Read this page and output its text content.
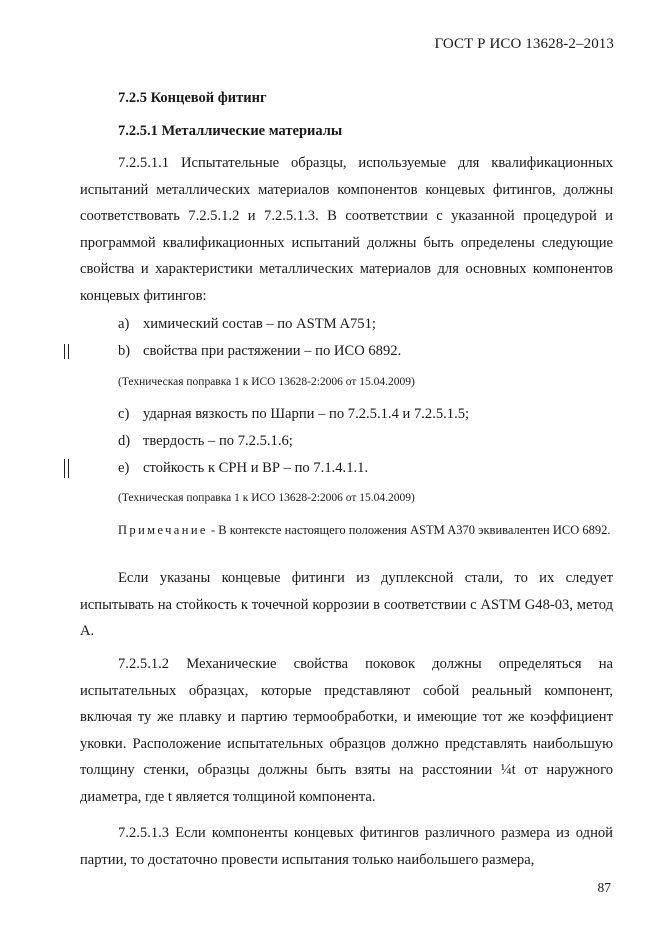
ГОСТ Р ИСО 13628-2–2013
7.2.5 Концевой фитинг
7.2.5.1 Металлические материалы
7.2.5.1.1 Испытательные образцы, используемые для квалификационных испытаний металлических материалов компонентов концевых фитингов, должны соответствовать 7.2.5.1.2 и 7.2.5.1.3. В соответствии с указанной процедурой и программой квалификационных испытаний должны быть определены следующие свойства и характеристики металлических материалов для основных компонентов концевых фитингов:
a) химический состав – по ASTM A751;
b) свойства при растяжении – по ИСО 6892.
(Техническая поправка 1 к ИСО 13628-2:2006 от 15.04.2009)
c) ударная вязкость по Шарпи – по 7.2.5.1.4 и 7.2.5.1.5;
d) твердость – по 7.2.5.1.6;
e) стойкость к СРН и ВР – по 7.1.4.1.1.
(Техническая поправка 1 к ИСО 13628-2:2006 от 15.04.2009)
Примечание - В контексте настоящего положения ASTM A370 эквивалентен ИСО 6892.
Если указаны концевые фитинги из дуплексной стали, то их следует испытывать на стойкость к точечной коррозии в соответствии с ASTM G48-03, метод А.
7.2.5.1.2 Механические свойства поковок должны определяться на испытательных образцах, которые представляют собой реальный компонент, включая ту же плавку и партию термообработки, и имеющие тот же коэффициент уковки. Расположение испытательных образцов должно представлять наибольшую толщину стенки, образцы должны быть взяты на расстоянии ¼t от наружного диаметра, где t является толщиной компонента.
7.2.5.1.3 Если компоненты концевых фитингов различного размера из одной партии, то достаточно провести испытания только наибольшего размера,
87
